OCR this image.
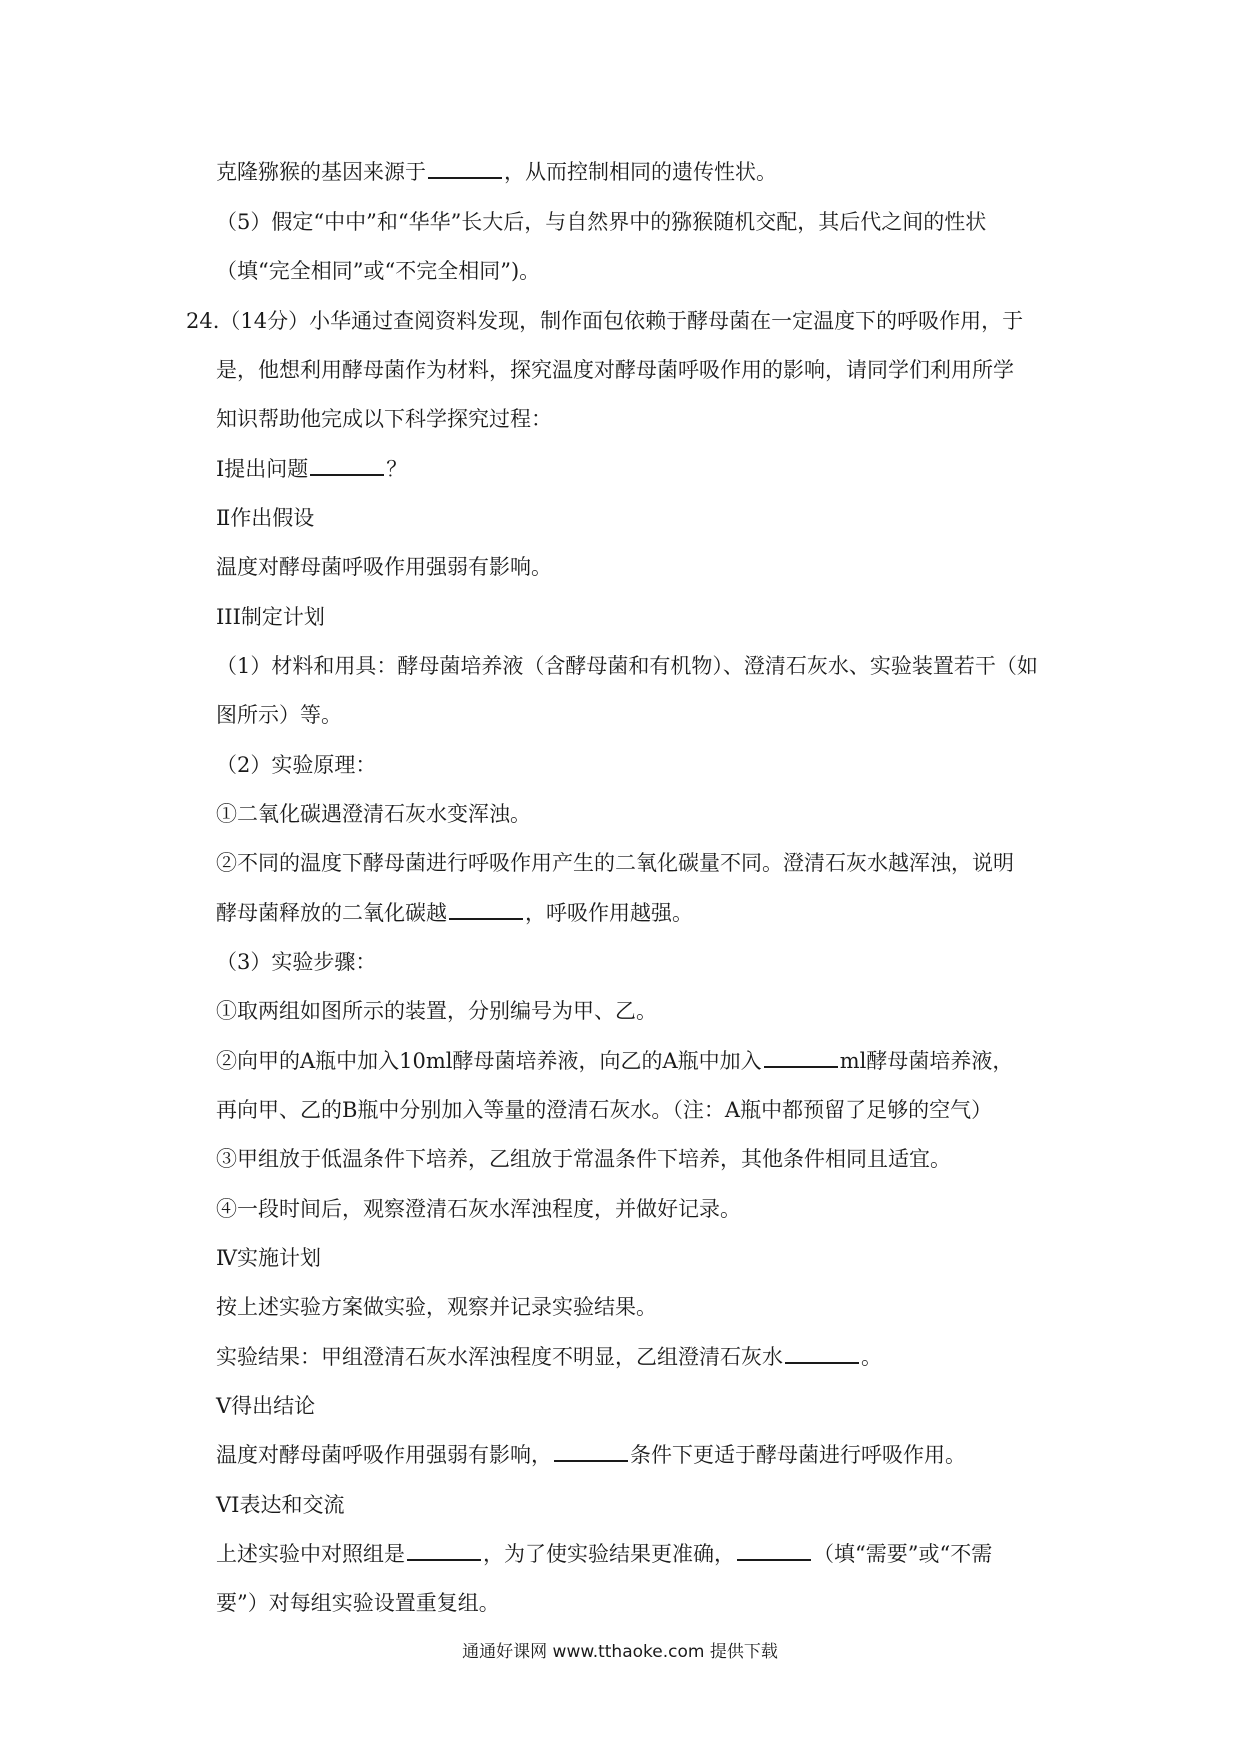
克隆猕猴的基因来源于	，从而控制相同的遗传性状。
（5）假定“中中”和“华华”长大后，与自然界中的猕猴随机交配，其后代之间的性状
（填“完全相同”或“不完全相同”)。
24.（14分）小华通过查阅资料发现，制作面包依赖于酵母菌在一定温度下的呼吸作用，于
是，他想利用酵母菌作为材料，探究温度对酵母菌呼吸作用的影响，请同学们利用所学
知识帮助他完成以下科学探究过程：
I提出问题	？
Ⅱ作出假设
温度对酵母菌呼吸作用强弱有影响。
III制定计划
（1）材料和用具：酵母菌培养液（含酵母菌和有机物）、澄清石灰水、实验装置若干（如
图所示）等。
（2）实验原理：
①二氧化碳遇澄清石灰水变浑浊。
②不同的温度下酵母菌进行呼吸作用产生的二氧化碳量不同。澄清石灰水越浑浊，说明
酵母菌释放的二氧化碳越	，呼吸作用越强。
（3）实验步骤：
①取两组如图所示的装置，分别编号为甲、乙。
②向甲的A瓶中加入10ml酵母菌培养液，向乙的A瓶中加入	ml酵母菌培养液，
再向甲、乙的B瓶中分别加入等量的澄清石灰水。（注：A瓶中都预留了足够的空气）
③甲组放于低温条件下培养，乙组放于常温条件下培养，其他条件相同且适宜。
④一段时间后，观察澄清石灰水浑浊程度，并做好记录。
Ⅳ实施计划
按上述实验方案做实验，观察并记录实验结果。
实验结果：甲组澄清石灰水浑浊程度不明显，乙组澄清石灰水	。
V得出结论
温度对酵母菌呼吸作用强弱有影响，	条件下更适于酵母菌进行呼吸作用。
VI表达和交流
上述实验中对照组是	，为了使实验结果更准确，	（填“需要”或“不需
要”）对每组实验设置重复组。
通通好课网 www.tthaoke.com 提供下载
